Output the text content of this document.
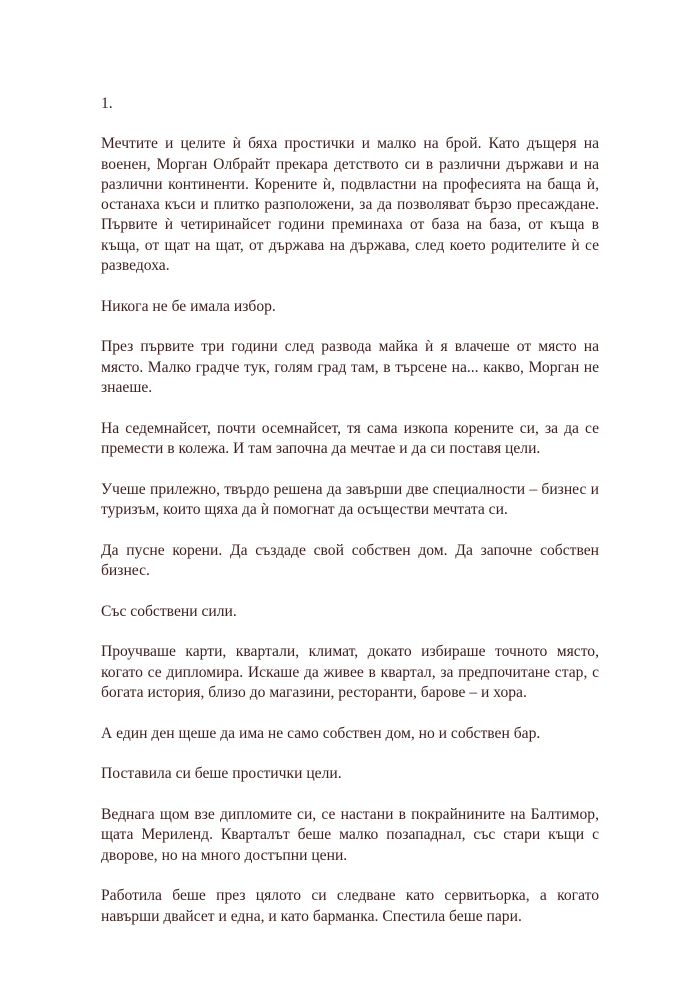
1.

Мечтите и целите ѝ бяха простички и малко на брой. Като дъщеря на военен, Морган Олбрайт прекара детството си в различни държави и на различни континенти. Корените ѝ, подвластни на професията на баща ѝ, останаха къси и плитко разположени, за да позволяват бързо пресаждане. Първите ѝ четиринайсет години преминаха от база на база, от къща в къща, от щат на щат, от държава на държава, след което родителите ѝ се разведоха.

Никога не бе имала избор.

През първите три години след развода майка ѝ я влачеше от място на място. Малко градче тук, голям град там, в търсене на... какво, Морган не знаеше.

На седемнайсет, почти осемнайсет, тя сама изкопа корените си, за да се премести в колежа. И там започна да мечтае и да си поставя цели.

Учеше прилежно, твърдо решена да завърши две специалности – бизнес и туризъм, които щяха да ѝ помогнат да осъществи мечтата си.

Да пусне корени. Да създаде свой собствен дом. Да започне собствен бизнес.

Със собствени сили.

Проучваше карти, квартали, климат, докато избираше точното място, когато се дипломира. Искаше да живее в квартал, за предпочитане стар, с богата история, близо до магазини, ресторанти, барове – и хора.

А един ден щеше да има не само собствен дом, но и собствен бар.

Поставила си беше простички цели.

Веднага щом взе дипломите си, се настани в покрайнините на Балтимор, щата Мериленд. Кварталът беше малко позападнал, със стари къщи с дворове, но на много достъпни цени.

Работила беше през цялото си следване като сервитьорка, а когато навърши двайсет и една, и като барманка. Спестила беше пари.
